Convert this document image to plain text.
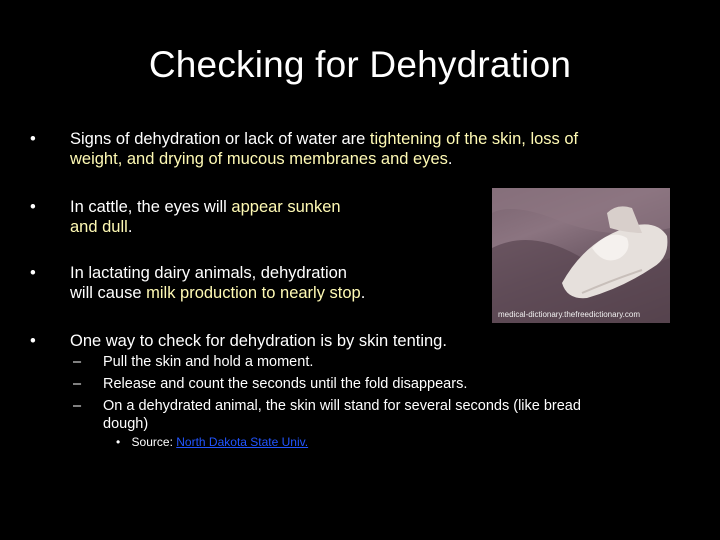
Checking for Dehydration
• Signs of dehydration or lack of water are tightening of the skin, loss of
weight, and drying of mucous membranes and eyes.
• In cattle, the eyes will appear sunken
and dull.
• In lactating dairy animals, dehydration
will cause milk production to nearly stop.
medical-dictionary.thefreedictionary.com
• One way to check for dehydration is by skin tenting.
– Pull the skin and hold a moment.
– Release and count the seconds until the fold disappears.
– On a dehydrated animal, the skin will stand for several seconds (like bread
dough)
• Source: North Dakota State Univ.
